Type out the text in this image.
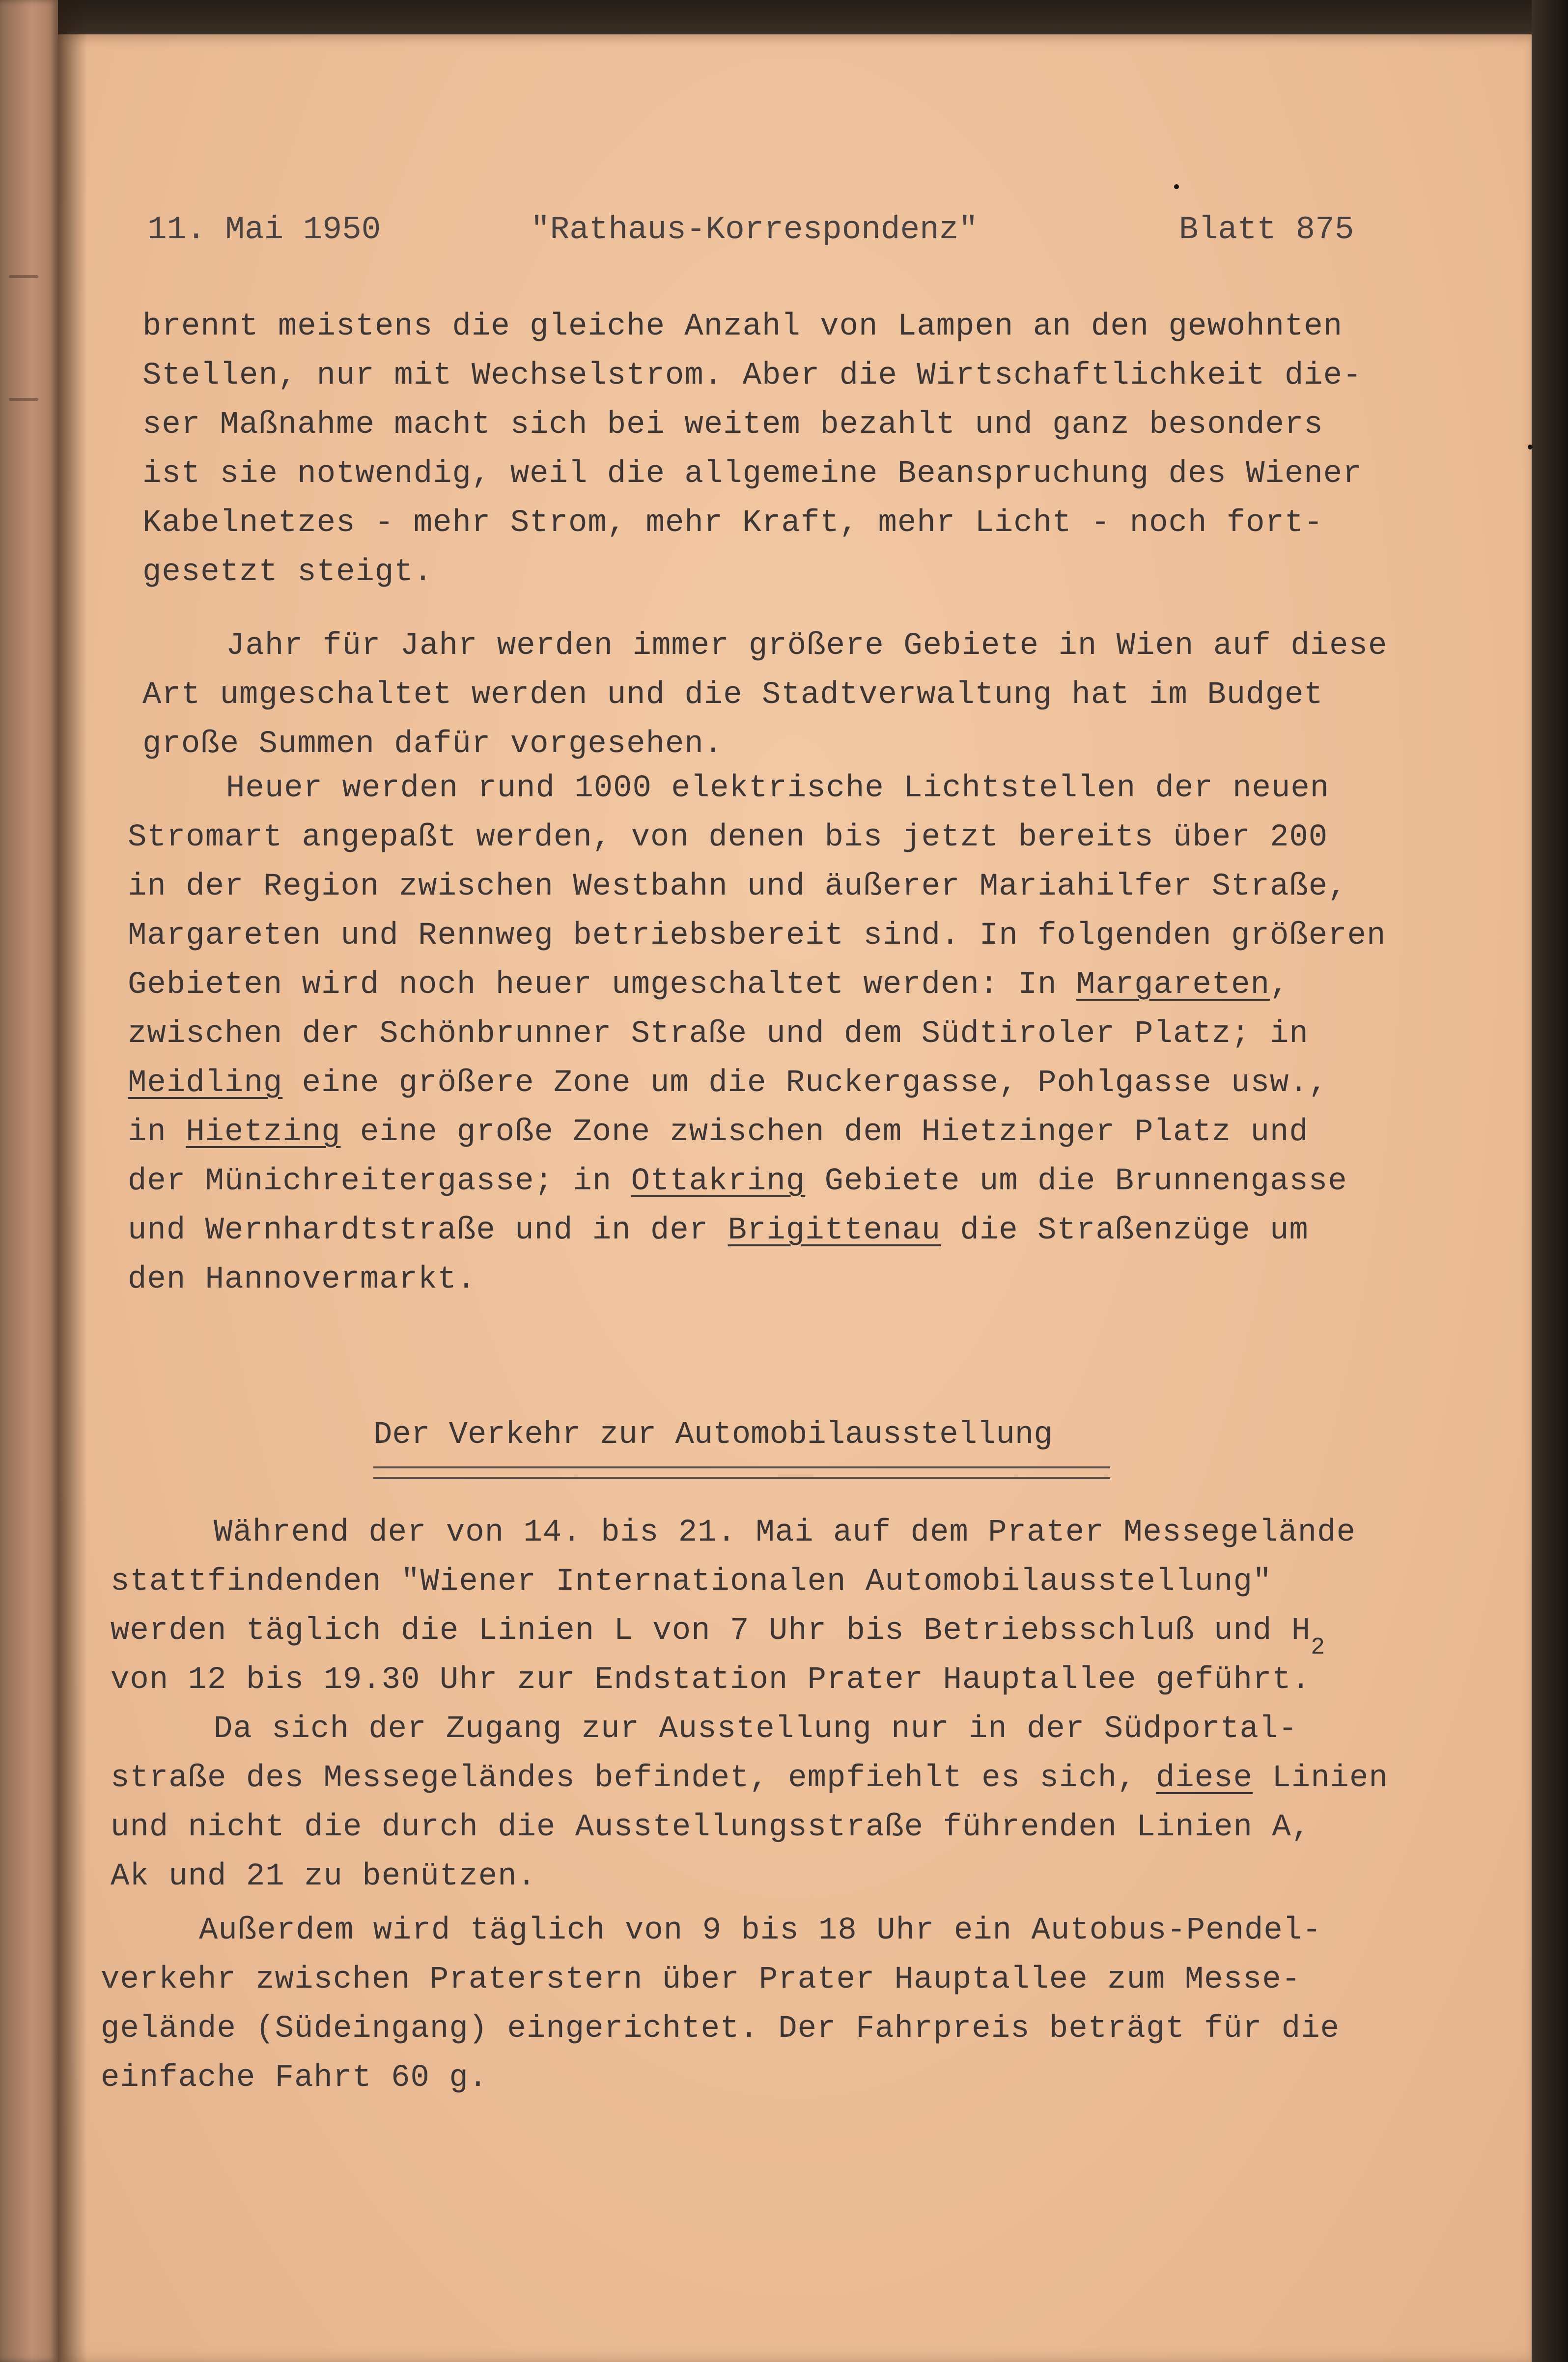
11. Mai 1950	"Rathaus-Korrespondenz"	Blatt 875
brennt meistens die gleiche Anzahl von Lampen an den gewohnten
Stellen, nur mit Wechselstrom. Aber die Wirtschaftlichkeit die-
ser Maßnahme macht sich bei weitem bezahlt und ganz besonders
ist sie notwendig, weil die allgemeine Beanspruchung des Wiener
Kabelnetzes - mehr Strom, mehr Kraft, mehr Licht - noch fort-
gesetzt steigt.
Jahr für Jahr werden immer größere Gebiete in Wien auf diese
Art umgeschaltet werden und die Stadtverwaltung hat im Budget
große Summen dafür vorgesehen.
Heuer werden rund 1000 elektrische Lichtstellen der neuen
Stromart angepaßt werden, von denen bis jetzt bereits über 200
in der Region zwischen Westbahn und äußerer Mariahilfer Straße,
Margareten und Rennweg betriebsbereit sind. In folgenden größeren
Gebieten wird noch heuer umgeschaltet werden: In Margareten,
zwischen der Schönbrunner Straße und dem Südtiroler Platz; in
Meidling eine größere Zone um die Ruckergasse, Pohlgasse usw.,
in Hietzing eine große Zone zwischen dem Hietzinger Platz und
der Münichreitergasse; in Ottakring Gebiete um die Brunnengasse
und Wernhardtstraße und in der Brigittenau die Straßenzüge um
den Hannovermarkt.
Der Verkehr zur Automobilausstellung
Während der von 14. bis 21. Mai auf dem Prater Messegelände
stattfindenden "Wiener Internationalen Automobilausstellung"
werden täglich die Linien L von 7 Uhr bis Betriebsschluß und $H_2$
von 12 bis 19.30 Uhr zur Endstation Prater Hauptallee geführt.
Da sich der Zugang zur Ausstellung nur in der Südportal-
straße des Messegeländes befindet, empfiehlt es sich, diese Linien
und nicht die durch die Ausstellungsstraße führenden Linien A,
Ak und 21 zu benützen.
Außerdem wird täglich von 9 bis 18 Uhr ein Autobus-Pendel-
verkehr zwischen Praterstern über Prater Hauptallee zum Messe-
gelände (Südeingang) eingerichtet. Der Fahrpreis beträgt für die
einfache Fahrt 60 g.
